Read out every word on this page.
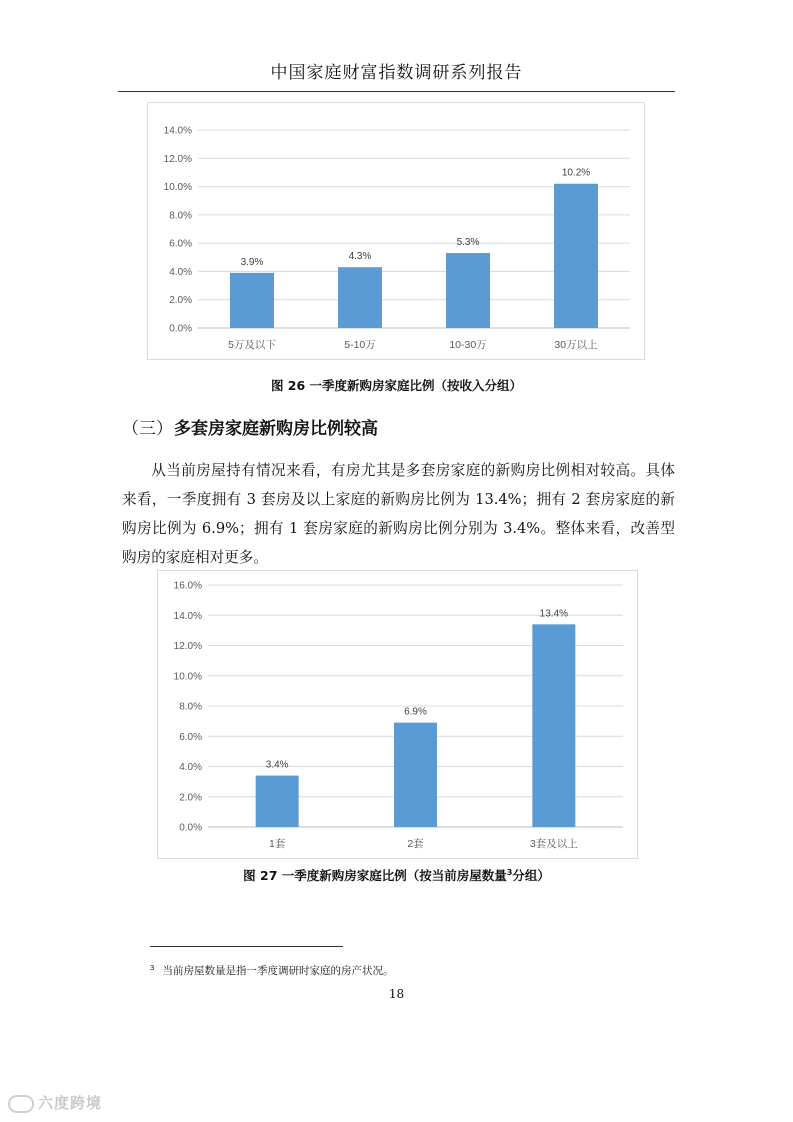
中国家庭财富指数调研系列报告
0.0%
2.0%
4.0%
6.0%
8.0%
10.0%
12.0%
14.0%
3.9%
5万及以下
4.3%
5-10万
5.3%
10-30万
10.2%
30万以上
图 26 一季度新购房家庭比例（按收入分组）
（三）多套房家庭新购房比例较高

从当前房屋持有情况来看，有房尤其是多套房家庭的新购房比例相对较高。具体来看，一季度拥有 3 套房及以上家庭的新购房比例为 13.4%；拥有 2 套房家庭的新购房比例为 6.9%；拥有 1 套房家庭的新购房比例分别为 3.4%。整体来看，改善型购房的家庭相对更多。

0.0%
2.0%
4.0%
6.0%
8.0%
10.0%
12.0%
14.0%
16.0%
3.4%
1套
6.9%
2套
13.4%
3套及以上
图 27 一季度新购房家庭比例（按当前房屋数量$^3$分组）
$^3$ 当前房屋数量是指一季度调研时家庭的房产状况。
18
六度跨境
